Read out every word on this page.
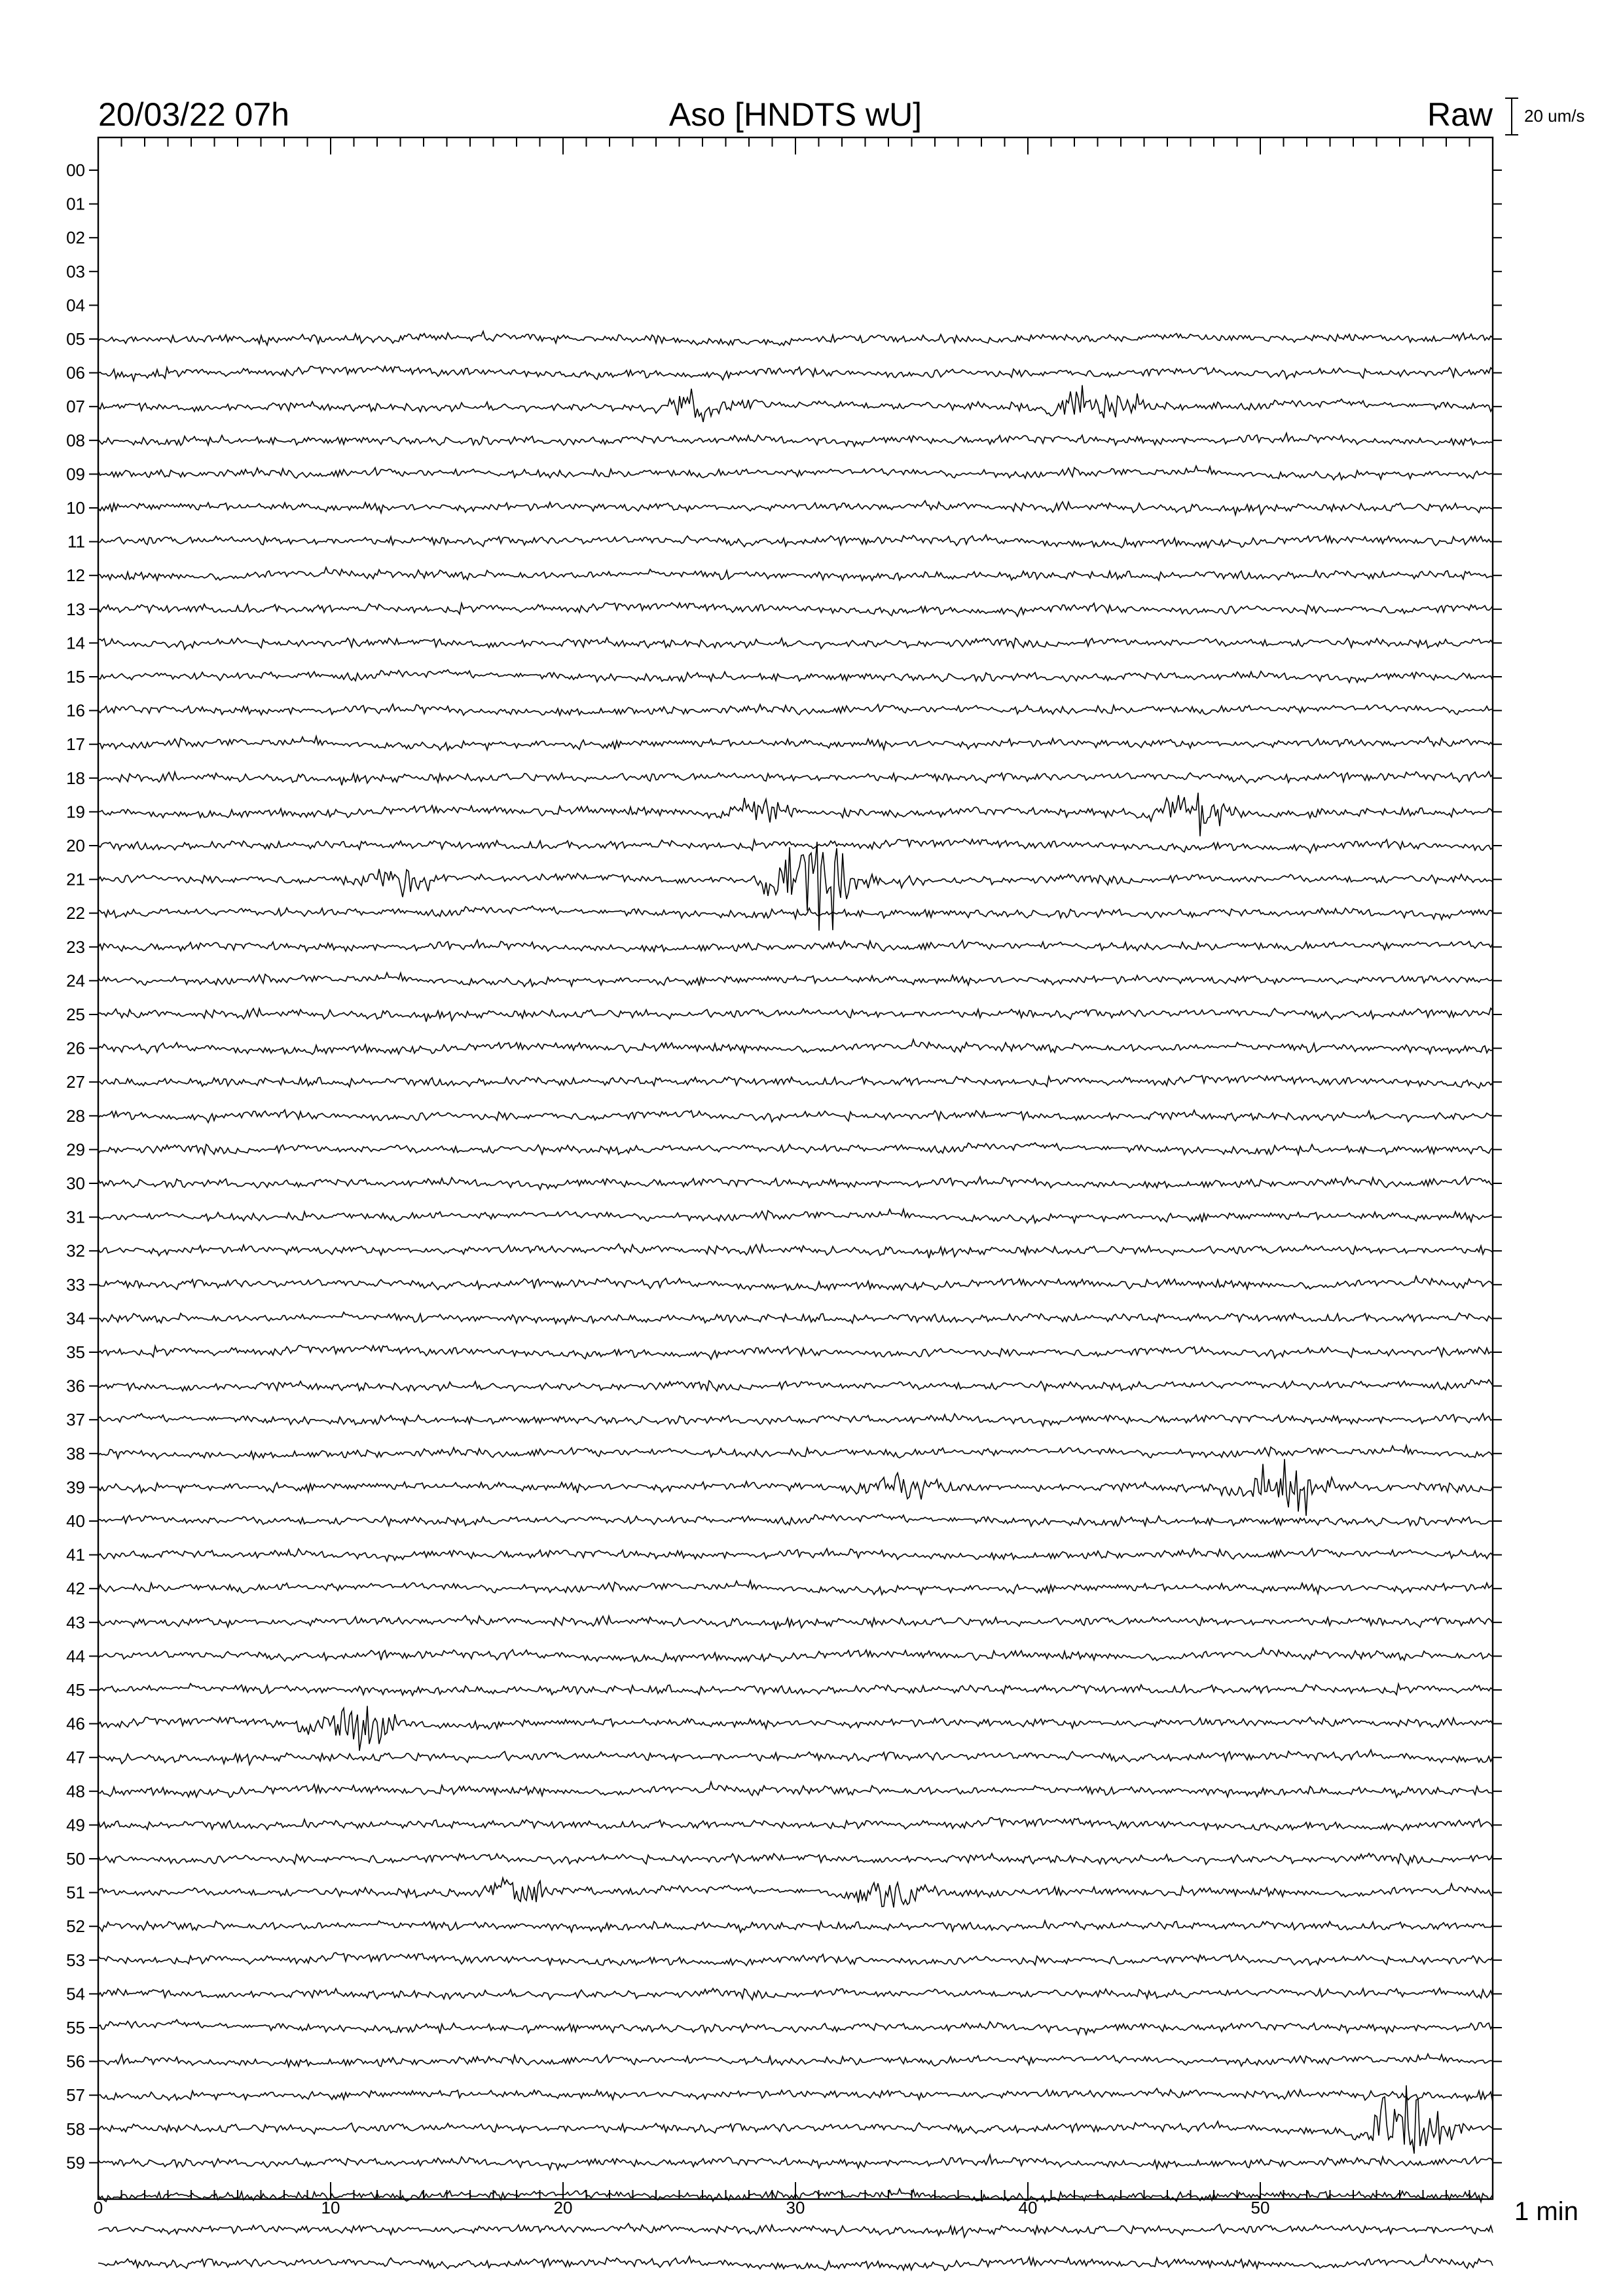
20/03/22 07h	Aso [HNDTS wU]	Raw 20 um/s
00
01
02
03
04
05
06
07
08
09
10
11
12
13
14
15
16
17
18
19
20
21
22
23
24
25
26
27
28
29
30
31
32
33
34
35
36
37
38
39
40
41
42
43
44
45
46
47
48
49
50
51
52
53
54
55
56
57
58
59
0	10	20	30	40	50	1 min
